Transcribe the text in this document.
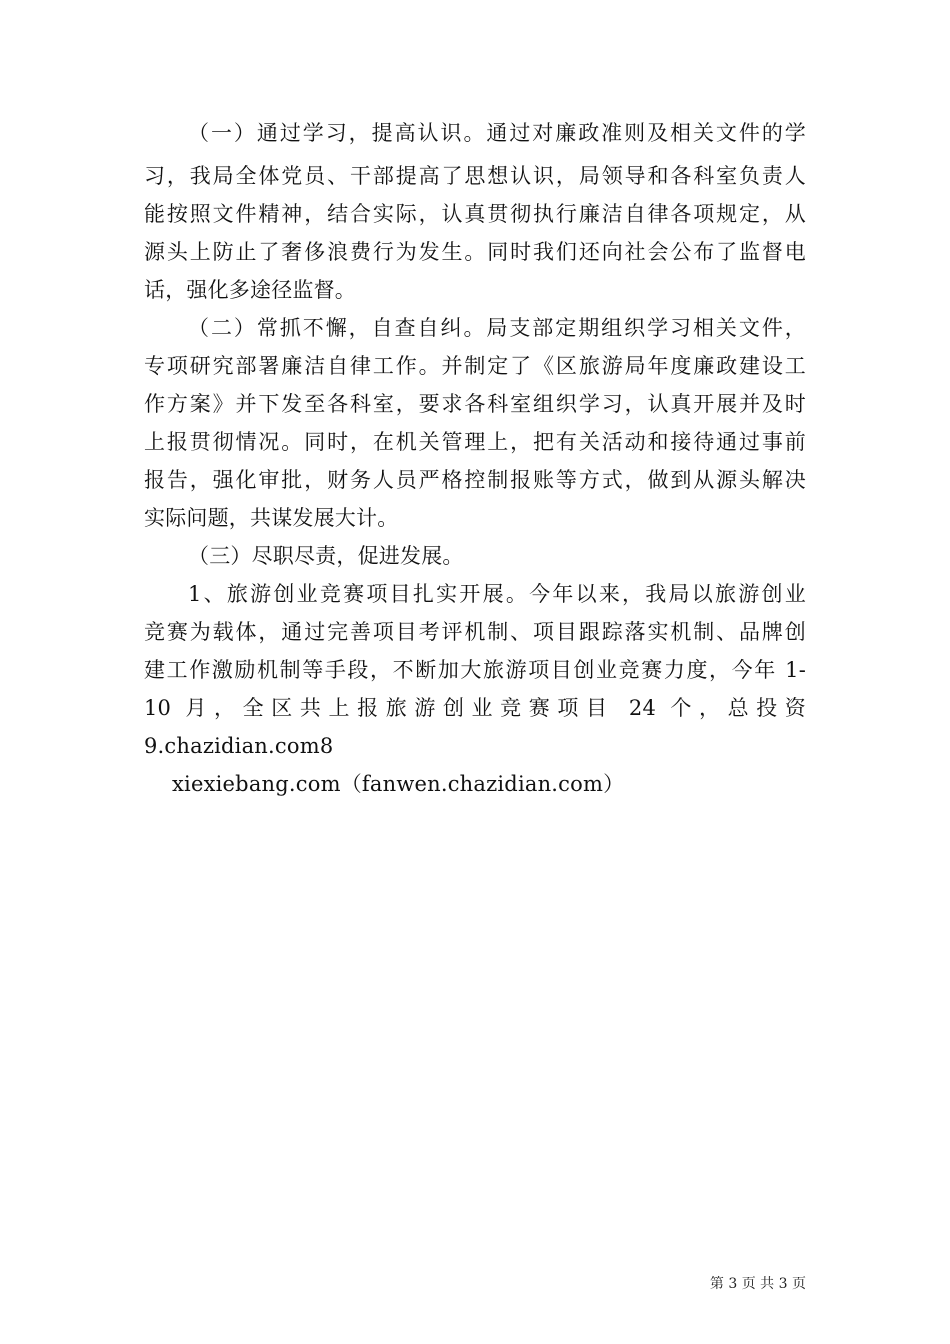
（一）通过学习，提高认识。通过对廉政准则及相关文件的学
习，我局全体党员、干部提高了思想认识，局领导和各科室负责人
能按照文件精神，结合实际，认真贯彻执行廉洁自律各项规定，从
源头上防止了奢侈浪费行为发生。同时我们还向社会公布了监督电
话，强化多途径监督。
（二）常抓不懈，自查自纠。局支部定期组织学习相关文件，
专项研究部署廉洁自律工作。并制定了《区旅游局年度廉政建设工
作方案》并下发至各科室，要求各科室组织学习，认真开展并及时
上报贯彻情况。同时，在机关管理上，把有关活动和接待通过事前
报告，强化审批，财务人员严格控制报账等方式，做到从源头解决
实际问题，共谋发展大计。
（三）尽职尽责，促进发展。
1、旅游创业竞赛项目扎实开展。今年以来，我局以旅游创业
竞赛为载体，通过完善项目考评机制、项目跟踪落实机制、品牌创
建工作激励机制等手段，不断加大旅游项目创业竞赛力度，今年 1-
10 月，全区共上报旅游创业竞赛项目 24 个，总投资
9.chazidian.com8
xiexiebang.com（fanwen.chazidian.com）
第 3 页 共 3 页
